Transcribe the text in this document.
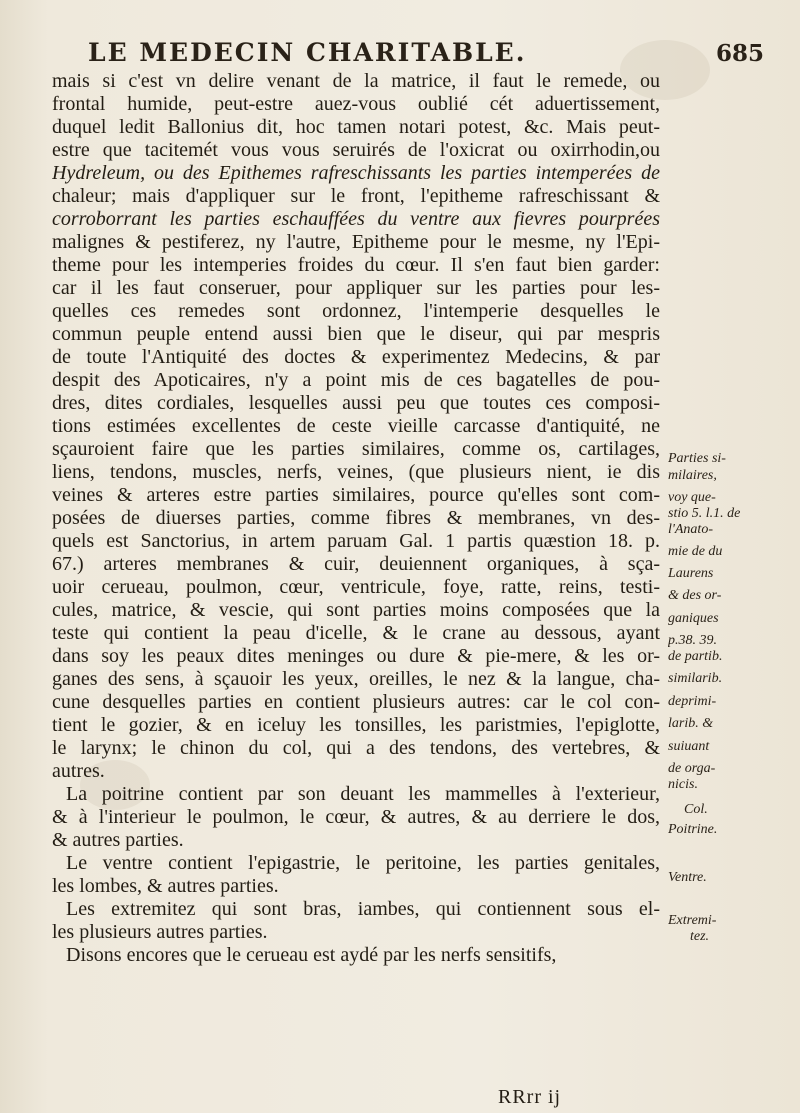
LE MEDECIN CHARITABLE.	685
mais si c'est vn delire venant de la matrice, il faut le remede, ou
frontal humide, peut-estre auez-vous oublié cét aduertissement,
duquel ledit Ballonius dit, hoc tamen notari potest, &c. Mais peut-
estre que tacitemét vous vous seruirés de l'oxicrat ou oxirrhodin,ou
Hydreleum, ou des Epithemes rafreschissants les parties intemperées de
chaleur; mais d'appliquer sur le front, l'epitheme rafreschissant &
corroborrant les parties eschauffées du ventre aux fievres pourprées
malignes & pestiferez, ny l'autre, Epitheme pour le mesme, ny l'Epi-
theme pour les intemperies froides du cœur. Il s'en faut bien garder:
car il les faut conseruer, pour appliquer sur les parties pour les-
quelles ces remedes sont ordonnez, l'intemperie desquelles le
commun peuple entend aussi bien que le diseur, qui par mespris
de toute l'Antiquité des doctes & experimentez Medecins, & par
despit des Apoticaires, n'y a point mis de ces bagatelles de pou-
dres, dites cordiales, lesquelles aussi peu que toutes ces composi-
tions estimées excellentes de ceste vieille carcasse d'antiquité, ne
sçauroient faire que les parties similaires, comme os, cartilages,
liens, tendons, muscles, nerfs, veines, (que plusieurs nient, ie dis
veines & arteres estre parties similaires, pource qu'elles sont com-
posées de diuerses parties, comme fibres & membranes, vn des-
quels est Sanctorius, in artem paruam Gal. 1 partis quæstion 18. p.
67.) arteres membranes & cuir, deuiennent organiques, à sça-
uoir cerueau, poulmon, cœur, ventricule, foye, ratte, reins, testi-
cules, matrice, & vescie, qui sont parties moins composées que la
teste qui contient la peau d'icelle, & le crane au dessous, ayant
dans soy les peaux dites meninges ou dure & pie-mere, & les or-
ganes des sens, à sçauoir les yeux, oreilles, le nez & la langue, cha-
cune desquelles parties en contient plusieurs autres: car le col con-
tient le gozier, & en iceluy les tonsilles, les paristmies, l'epiglotte,
le larynx; le chinon du col, qui a des tendons, des vertebres, &
autres.
La poitrine contient par son deuant les mammelles à l'exterieur,
& à l'interieur le poulmon, le cœur, & autres, & au derriere le dos,
& autres parties.
Le ventre contient l'epigastrie, le peritoine, les parties genitales,
les lombes, & autres parties.
Les extremitez qui sont bras, iambes, qui contiennent sous el-
les plusieurs autres parties.
Disons encores que le cerueau est aydé par les nerfs sensitifs,
Parties si-
milaires,
voy que-
stio 5. l.1. de
l'Anato-
mie de du
Laurens
& des or-
ganiques
p.38. 39.
de partib.
similarib.
deprimi-
larib. &
suiuant
de orga-
nicis.
Col.
Poitrine.
Ventre.
Extremi-
tez.
RRrr ij
